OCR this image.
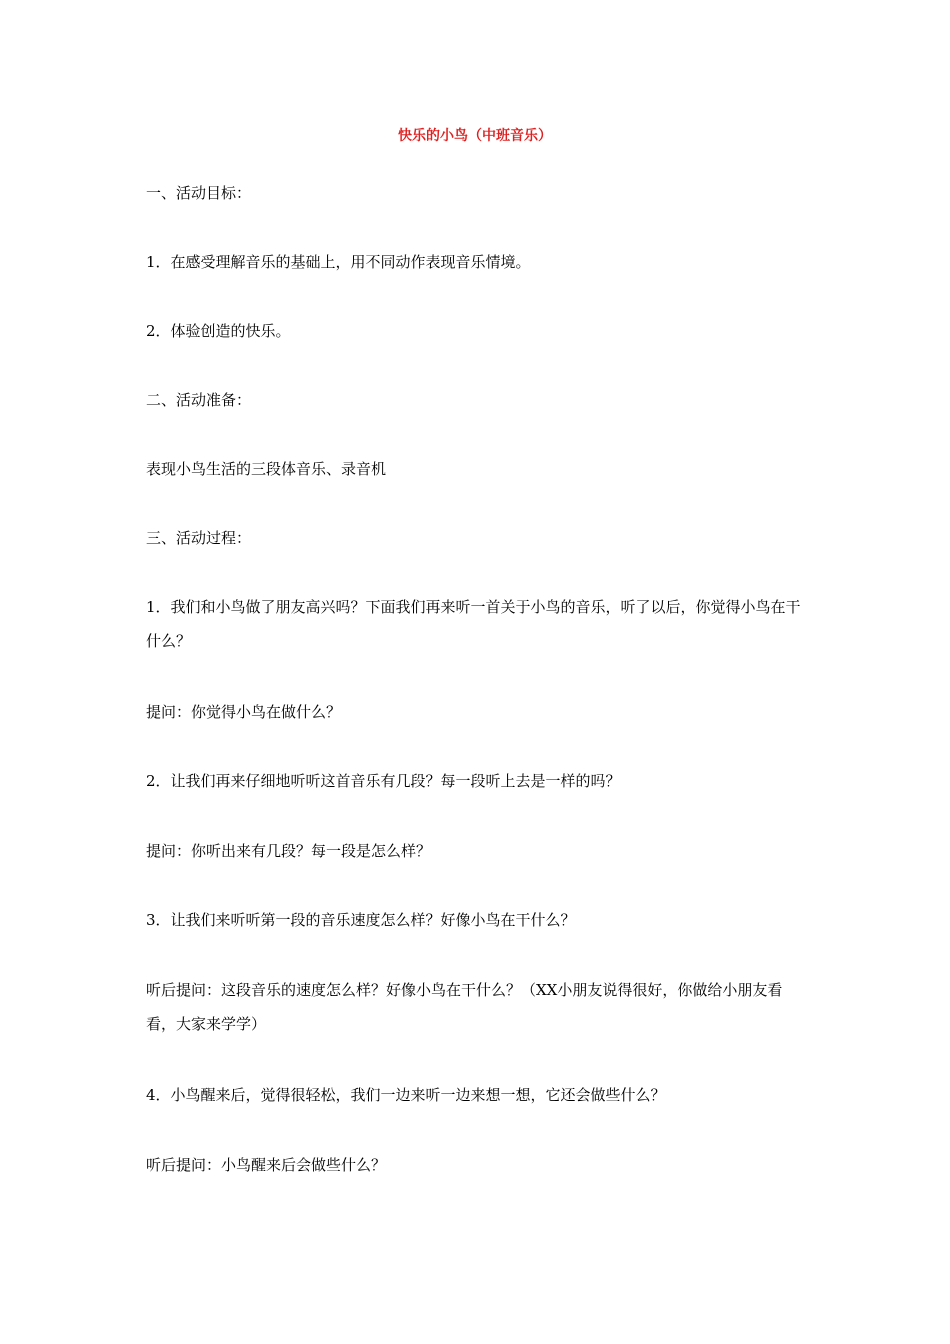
快乐的小鸟（中班音乐）
一、活动目标：
1．在感受理解音乐的基础上，用不同动作表现音乐情境。
2．体验创造的快乐。
二、活动准备：
表现小鸟生活的三段体音乐、录音机
三、活动过程：
1．我们和小鸟做了朋友高兴吗？下面我们再来听一首关于小鸟的音乐，听了以后，你觉得小鸟在干什么？
提问：你觉得小鸟在做什么？
2．让我们再来仔细地听听这首音乐有几段？每一段听上去是一样的吗？
提问：你听出来有几段？每一段是怎么样？
3．让我们来听听第一段的音乐速度怎么样？好像小鸟在干什么？
听后提问：这段音乐的速度怎么样？好像小鸟在干什么？（XX小朋友说得很好，你做给小朋友看看，大家来学学）
4．小鸟醒来后，觉得很轻松，我们一边来听一边来想一想，它还会做些什么？
听后提问：小鸟醒来后会做些什么？
